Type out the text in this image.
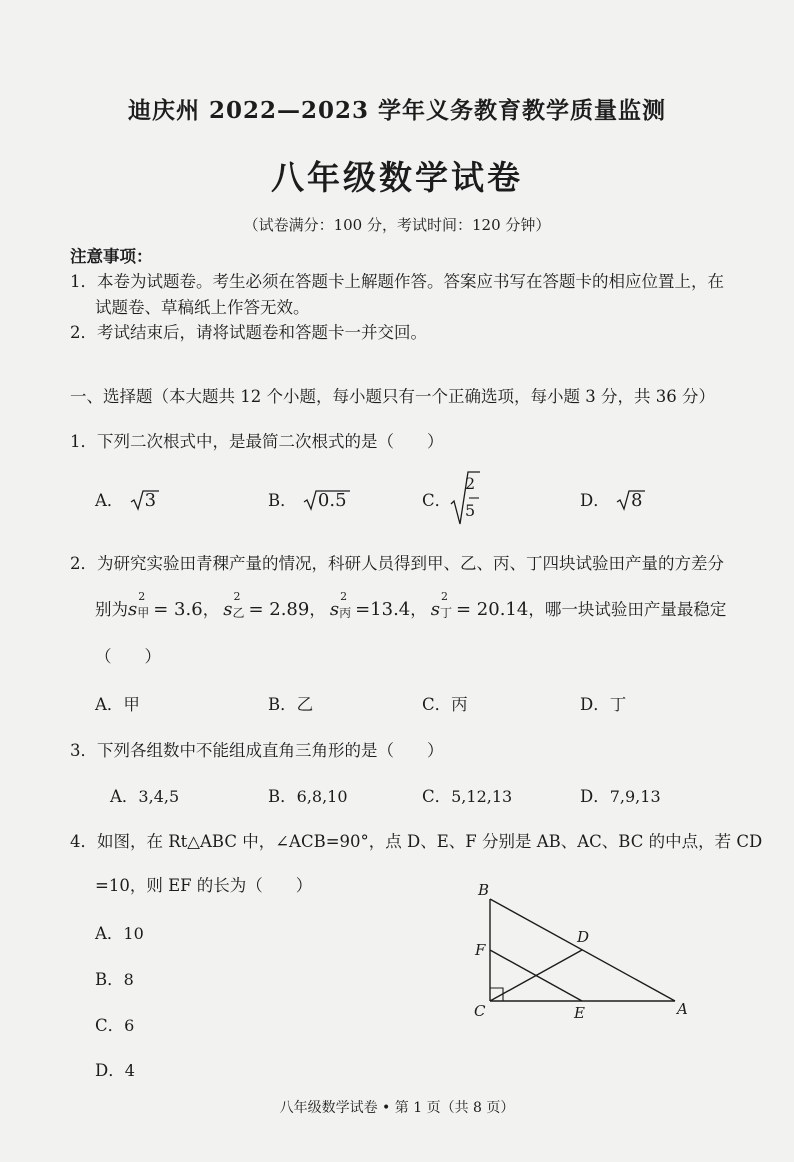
迪庆州 2022—2023 学年义务教育教学质量监测
八年级数学试卷
（试卷满分：100 分，考试时间：120 分钟）
注意事项：
1．本卷为试题卷。考生必须在答题卡上解题作答。答案应书写在答题卡的相应位置上，在
试题卷、草稿纸上作答无效。
2．考试结束后，请将试题卷和答题卡一并交回。
一、选择题（本大题共 12 个小题，每小题只有一个正确选项，每小题 3 分，共 36 分）
1．下列二次根式中，是最简二次根式的是（　　）
A． 3	B． 0.5	C．
2
5
D． 8
2．为研究实验田青稞产量的情况，科研人员得到甲、乙、丙、丁四块试验田产量的方差分
别为s
2
甲 = 3.6， s
2
乙 = 2.89， s
2
丙 =13.4， s
2
丁 = 20.14，哪一块试验田产量最稳定
（　　）
A．甲	B．乙	C．丙	D．丁
3．下列各组数中不能组成直角三角形的是（　　）
A．3,4,5	B．6,8,10	C．5,12,13	D．7,9,13
4．如图，在 Rt△ABC 中，∠ACB=90°，点 D、E、F 分别是 AB、AC、BC 的中点，若 CD
=10，则 EF 的长为（　　）
A．10
B．8
C．6
D．4
B
D
F
C	E	A
八年级数学试卷 • 第 1 页（共 8 页）
